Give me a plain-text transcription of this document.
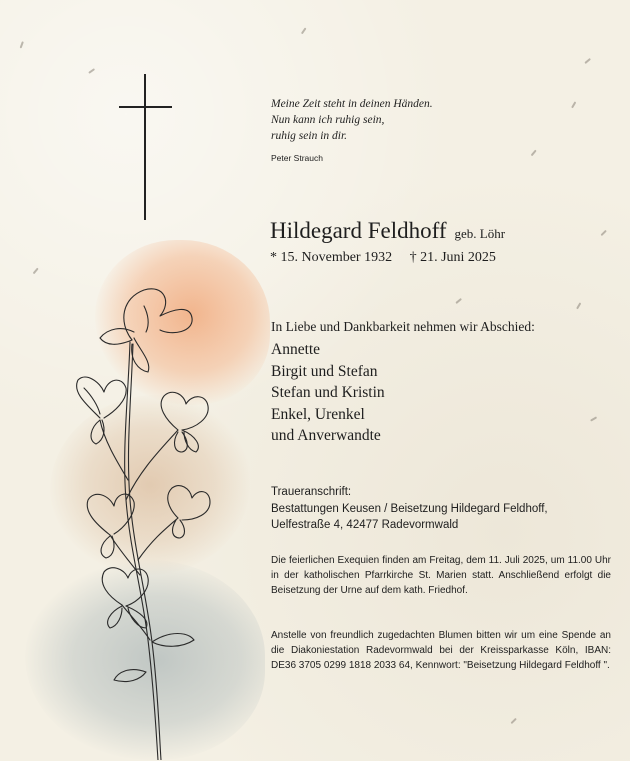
Meine Zeit steht in deinen Händen.
Nun kann ich ruhig sein,
ruhig sein in dir.
Peter Strauch
Hildegard Feldhoff geb. Löhr
* 15. November 1932 † 21. Juni 2025
In Liebe und Dankbarkeit nehmen wir Abschied:
Annette
Birgit und Stefan
Stefan und Kristin
Enkel, Urenkel
und Anverwandte
Traueranschrift:
Bestattungen Keusen / Beisetzung Hildegard Feldhoff,
Uelfestraße 4, 42477 Radevormwald
Die feierlichen Exequien finden am Freitag, dem 11. Juli 2025, um 11.00 Uhr in der katholischen Pfarrkirche St. Marien statt. Anschließend erfolgt die Beisetzung der Urne auf dem kath. Friedhof.
Anstelle von freundlich zugedachten Blumen bitten wir um eine Spende an die Diakoniestation Radevormwald bei der Kreissparkasse Köln, IBAN: DE36 3705 0299 1818 2033 64, Kennwort: "Beisetzung Hildegard Feldhoff ".
